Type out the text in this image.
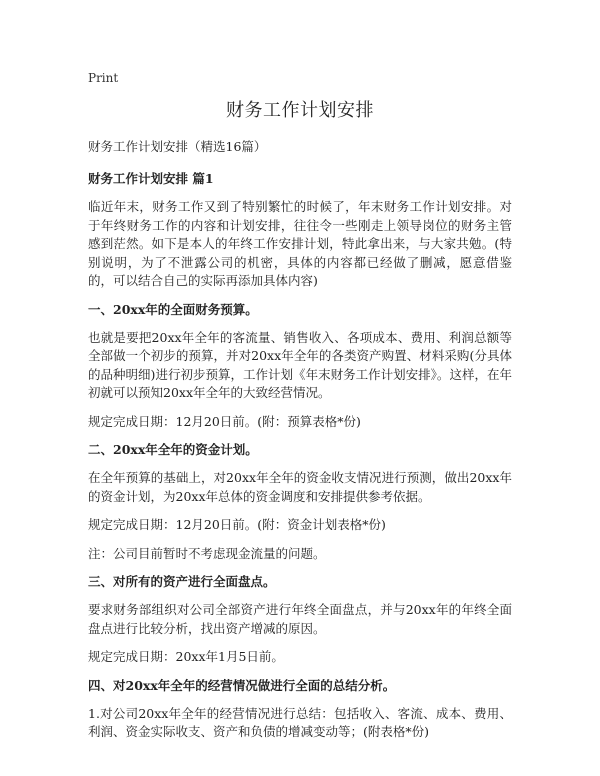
Print
财务工作计划安排

财务工作计划安排（精选16篇）

财务工作计划安排 篇1

临近年末，财务工作又到了特别繁忙的时候了，年末财务工作计划安排。对于年终财务工作的内容和计划安排，往往令一些刚走上领导岗位的财务主管感到茫然。如下是本人的年终工作安排计划，特此拿出来，与大家共勉。(特别说明，为了不泄露公司的机密，具体的内容都已经做了删减，愿意借鉴的，可以结合自己的实际再添加具体内容)

一、20xx年的全面财务预算。

也就是要把20xx年全年的客流量、销售收入、各项成本、费用、利润总额等全部做一个初步的预算，并对20xx年全年的各类资产购置、材料采购(分具体的品种明细)进行初步预算，工作计划《年末财务工作计划安排》。这样，在年初就可以预知20xx年全年的大致经营情况。

规定完成日期：12月20日前。(附：预算表格*份)

二、20xx年全年的资金计划。

在全年预算的基础上，对20xx年全年的资金收支情况进行预测，做出20xx年的资金计划，为20xx年总体的资金调度和安排提供参考依据。

规定完成日期：12月20日前。(附：资金计划表格*份)

注：公司目前暂时不考虑现金流量的问题。

三、对所有的资产进行全面盘点。

要求财务部组织对公司全部资产进行年终全面盘点，并与20xx年的年终全面盘点进行比较分析，找出资产增减的原因。

规定完成日期：20xx年1月5日前。

四、对20xx年全年的经营情况做进行全面的总结分析。

1.对公司20xx年全年的经营情况进行总结：包括收入、客流、成本、费用、利润、资金实际收支、资产和负债的增减变动等；(附表格*份)
